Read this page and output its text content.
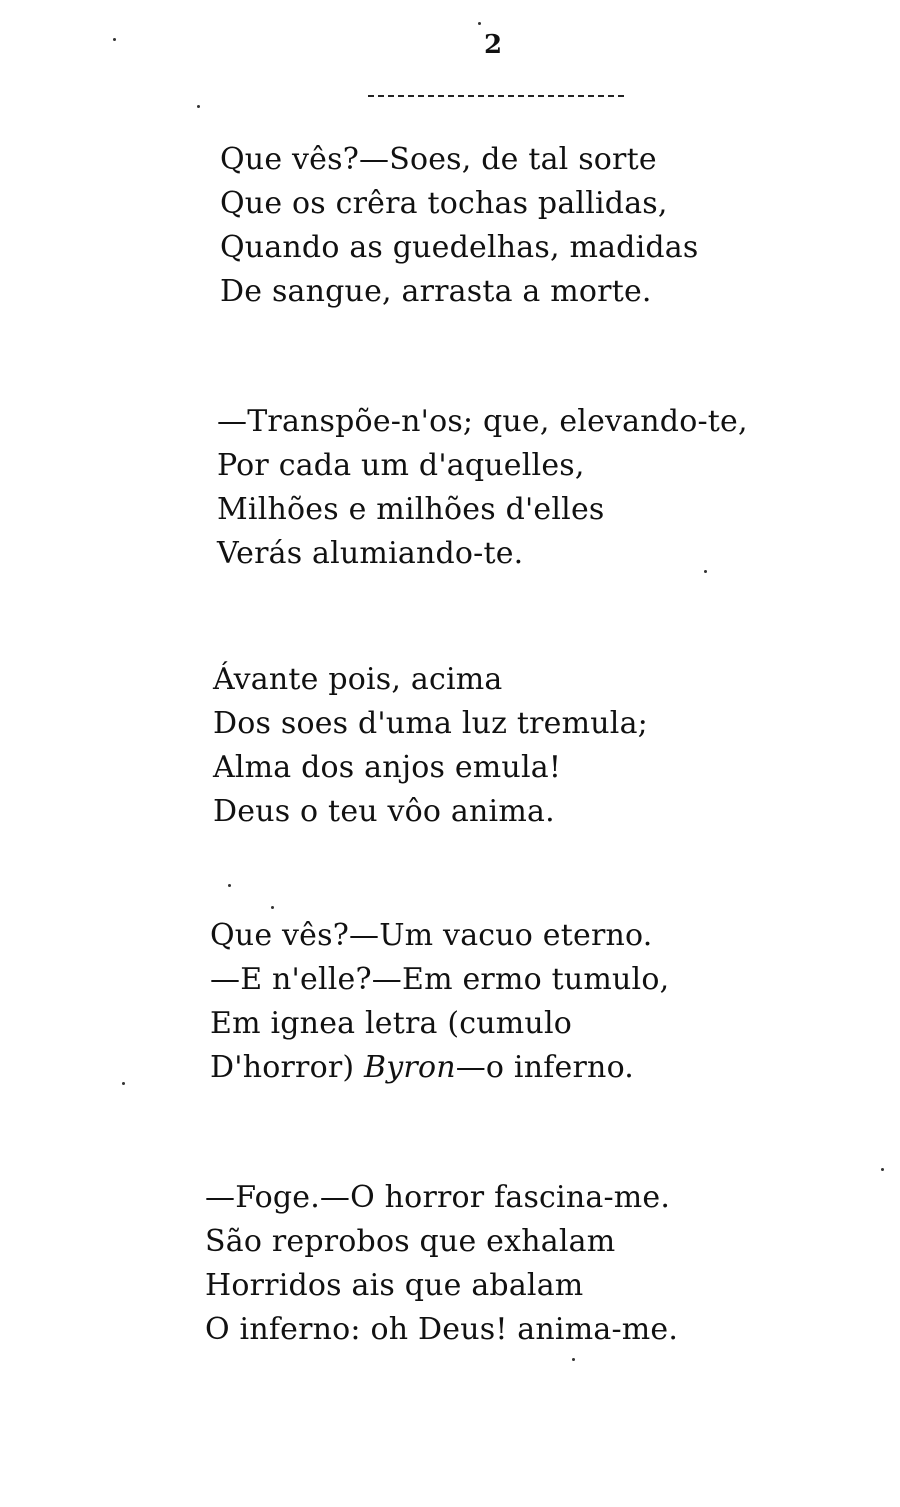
2
Que vês?—Soes, de tal sorte
Que os crêra tochas pallidas,
Quando as guedelhas, madidas
De sangue, arrasta a morte.
—Transpõe-n'os; que, elevando-te,
Por cada um d'aquelles,
Milhões e milhões d'elles
Verás alumiando-te.
Ávante pois, acima
Dos soes d'uma luz tremula;
Alma dos anjos emula!
Deus o teu vôo anima.
Que vês?—Um vacuo eterno.
—E n'elle?—Em ermo tumulo,
Em ignea letra (cumulo
D'horror) Byron—o inferno.
—Foge.—O horror fascina-me.
São reprobos que exhalam
Horridos ais que abalam
O inferno: oh Deus! anima-me.
